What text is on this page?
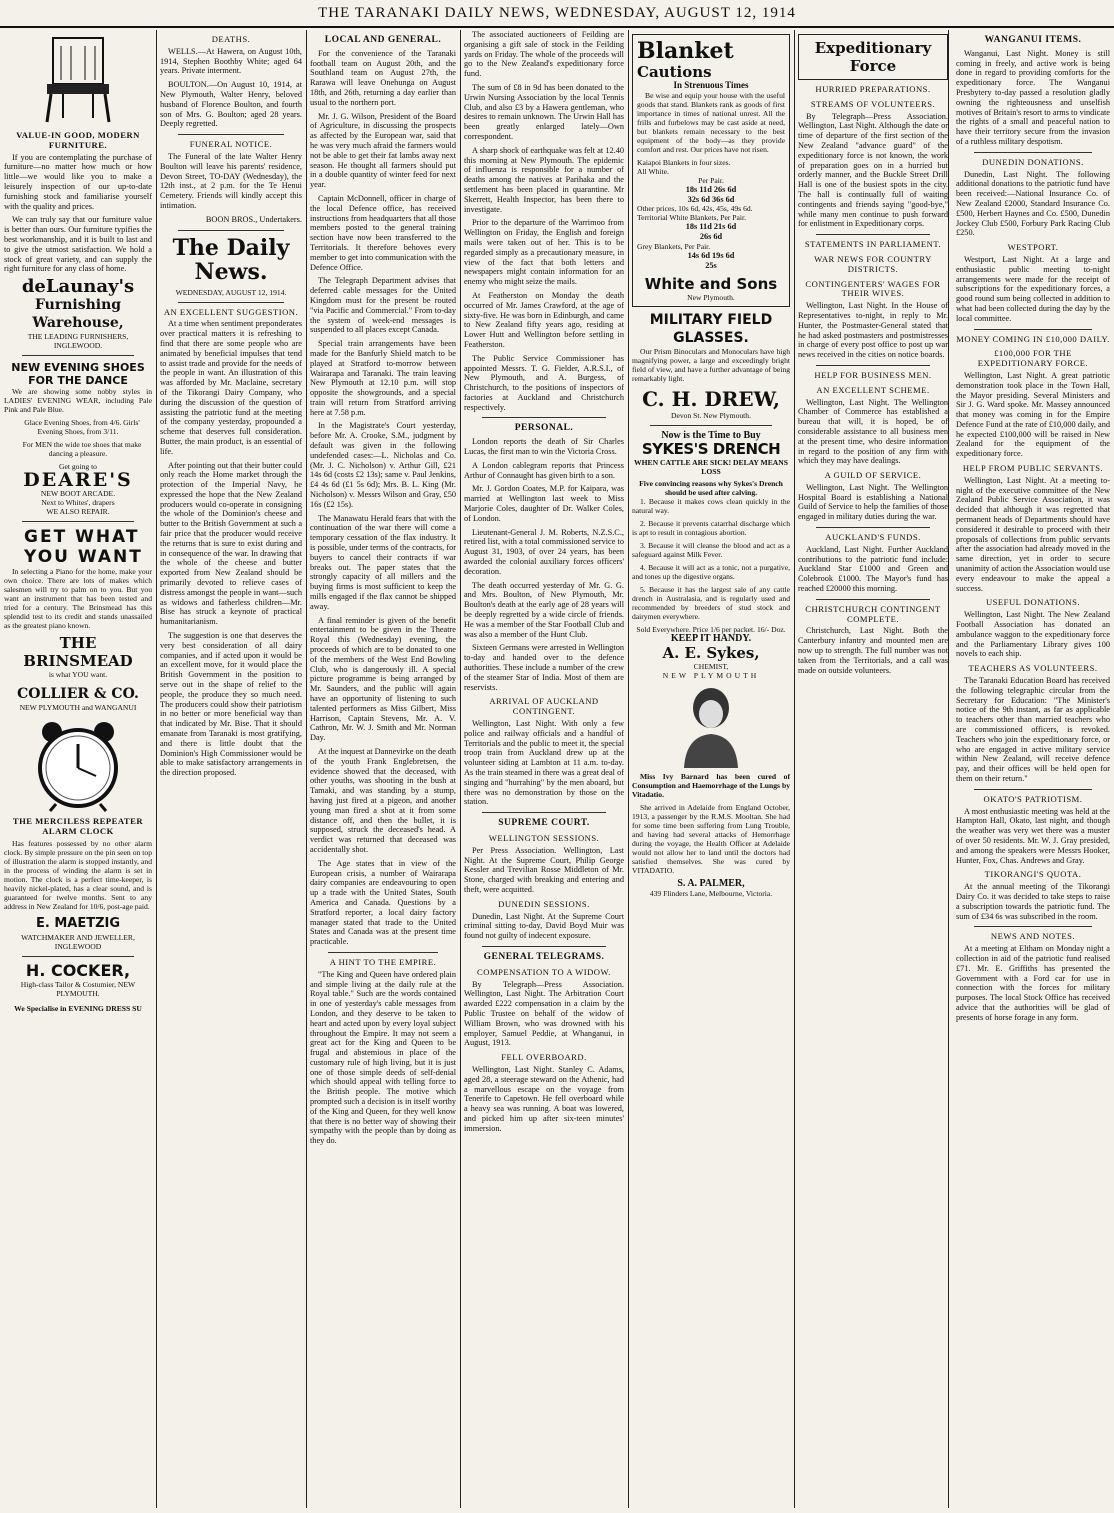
THE TARANAKI DAILY NEWS, WEDNESDAY, AUGUST 12, 1914
VALUE-IN GOOD, MODERN FURNITURE.

If you are contemplating the purchase of furniture—no matter how much or how little—we would like you to make a leisurely inspection of our up-to-date furnishing stock and familiarise yourself with the quality and prices.

We can truly say that our furniture value is better than ours. Our furniture typifies the best workmanship, and it is built to last and to give the utmost satisfaction. We hold a stock of great variety, and can supply the right furniture for any class of home.

deLaunay's
Furnishing Warehouse,
THE LEADING FURNISHERS, INGLEWOOD.
NEW EVENING SHOES FOR THE DANCE

We are showing some nobby styles in LADIES' EVENING WEAR, including Pale Pink and Pale Blue.

Glace Evening Shoes, from 4/6. Girls' Evening Shoes, from 3/11.

For MEN the wide toe shoes that make dancing a pleasure.

Get going to
DEARE'S
NEW BOOT ARCADE.
Next to Whites', drapers
WE ALSO REPAIR.
GET WHAT YOU WANT

In selecting a Piano for the home, make your own choice. There are lots of makes which salesmen will try to palm on to you. But you want an instrument that has been tested and tried for a century. The Brinsmead has this splendid test to its credit and stands unassailed as the greatest piano known.

THE BRINSMEAD
is what YOU want.
COLLIER & CO.
NEW PLYMOUTH and WANGANUI
THE MERCILESS REPEATER ALARM CLOCK

Has features possessed by no other alarm clock. By simple pressure on the pin seen on top of illustration the alarm is stopped instantly, and in the process of winding the alarm is set in motion. The clock is a perfect time-keeper, is heavily nickel-plated, has a clear sound, and is guaranteed for twelve months. Sent to any address in New Zealand for 10/6, post-age paid.

E. MAETZIG
WATCHMAKER AND JEWELLER, INGLEWOOD
H. COCKER,
High-class Tailor & Costumier, NEW PLYMOUTH.
We Specialise in EVENING DRESS SU
DEATHS.

WELLS.—At Hawera, on August 10th, 1914, Stephen Boothby White; aged 64 years. Private interment.

BOULTON.—On August 10, 1914, at New Plymouth, Walter Henry, beloved husband of Florence Boulton, and fourth son of Mrs. G. Boulton; aged 28 years. Deeply regretted.

FUNERAL NOTICE.

The Funeral of the late Walter Henry Boulton will leave his parents' residence, Devon Street, TO-DAY (Wednesday), the 12th inst., at 2 p.m. for the Te Henui Cemetery. Friends will kindly accept this intimation.

BOON BROS., Undertakers.

The Daily News.
WEDNESDAY, AUGUST 12, 1914.
AN EXCELLENT SUGGESTION.

At a time when sentiment preponderates over practical matters it is refreshing to find that there are some people who are animated by beneficial impulses that tend to assist trade and provide for the needs of the people in want. An illustration of this was afforded by Mr. Maclaine, secretary of the Tikorangi Dairy Company, who during the discussion of the question of assisting the patriotic fund at the meeting of the company yesterday, propounded a scheme that deserves full consideration. Butter, the main product, is an essential of life.

After pointing out that their butter could only reach the Home market through the protection of the Imperial Navy, he expressed the hope that the New Zealand producers would co-operate in consigning the whole of the Dominion's cheese and butter to the British Government at such a fair price that the producer would receive the returns that is sure to exist during and in consequence of the war. In drawing that the whole of the cheese and butter exported from New Zealand should be primarily devoted to relieve cases of distress amongst the people in want—such as widows and fatherless children—Mr. Bise has struck a keynote of practical humanitarianism.

The suggestion is one that deserves the very best consideration of all dairy companies, and if acted upon it would be an excellent move, for it would place the British Government in the position to serve out in the shape of relief to the people, the produce they so much need. The producers could show their patriotism in no better or more beneficial way than that indicated by Mr. Bise. That it should emanate from Taranaki is most gratifying, and there is little doubt that the Dominion's High Commissioner would be able to make satisfactory arrangements in the direction proposed.

LOCAL AND GENERAL.

For the convenience of the Taranaki football team on August 20th, and the Southland team on August 27th, the Rarawa will leave Onehunga on August 18th, and 26th, returning a day earlier than usual to the northern port.

Mr. J. G. Wilson, President of the Board of Agriculture, in discussing the prospects as affected by the European war, said that he was very much afraid the farmers would not be able to get their fat lambs away next season. He thought all farmers should put in a double quantity of winter feed for next year.

Captain McDonnell, officer in charge of the local Defence office, has received instructions from headquarters that all those members posted to the general training section have now been transferred to the Territorials. It therefore behoves every member to get into communication with the Defence Office.

The Telegraph Department advises that deferred cable messages for the United Kingdom must for the present be routed "via Pacific and Commercial." From to-day the system of week-end messages is suspended to all places except Canada.

Special train arrangements have been made for the Banfurly Shield match to be played at Stratford to-morrow between Wairarapa and Taranaki. The train leaving New Plymouth at 12.10 p.m. will stop opposite the showgrounds, and a special train will return from Stratford arriving here at 7.58 p.m.

In the Magistrate's Court yesterday, before Mr. A. Crooke, S.M., judgment by default was given in the following undefended cases:—L. Nicholas and Co. (Mr. J. C. Nicholson) v. Arthur Gill, £21 14s 6d (costs £2 13s); same v. Paul Jenkins, £4 4s 6d (£1 5s 6d); Mrs. B. L. King (Mr. Nicholson) v. Messrs Wilson and Gray, £50 16s (£2 15s).

The Manawatu Herald fears that with the continuation of the war there will come a temporary cessation of the flax industry. It is possible, under terms of the contracts, for buyers to cancel their contracts if war breaks out. The paper states that the strongly capacity of all millers and the buying firms is most sufficient to keep the mills engaged if the flax cannot be shipped away.

A final reminder is given of the benefit entertainment to be given in the Theatre Royal this (Wednesday) evening, the proceeds of which are to be donated to one of the members of the West End Bowling Club, who is dangerously ill. A special picture programme is being arranged by Mr. Saunders, and the public will again have an opportunity of listening to such talented performers as Miss Gilbert, Miss Harrison, Captain Stevens, Mr. A. V. Cathron, Mr. W. J. Smith and Mr. Norman Day.

At the inquest at Dannevirke on the death of the youth Frank Englebretsen, the evidence showed that the deceased, with other youths, was shooting in the bush at Tamaki, and was standing by a stump, having just fired at a pigeon, and another young man fired a shot at it from some distance off, and then the bullet, it is supposed, struck the deceased's head. A verdict was returned that deceased was accidentally shot.

The Age states that in view of the European crisis, a number of Wairarapa dairy companies are endeavouring to open up a trade with the United States, South America and Canada. Questions by a Stratford reporter, a local dairy factory manager stated that trade to the United States and Canada was at the present time practicable.

A HINT TO THE EMPIRE.

"The King and Queen have ordered plain and simple living at the daily rule at the Royal table." Such are the words contained in one of yesterday's cable messages from London, and they deserve to be taken to heart and acted upon by every loyal subject throughout the Empire. It may not seem a great act for the King and Queen to be frugal and abstemious in place of the customary rule of high living, but it is just one of those simple deeds of self-denial which should appeal with telling force to the British people. The motive which prompted such a decision is in itself worthy of the King and Queen, for they well know that there is no better way of showing their sympathy with the people than by doing as they do.

The associated auctioneers of Feilding are organising a gift sale of stock in the Feilding yards on Friday. The whole of the proceeds will go to the New Zealand's expeditionary force fund.

The sum of £8 in 9d has been donated to the Urwin Nursing Association by the local Tennis Club, and also £3 by a Hawera gentleman, who desires to remain unknown. The Urwin Hall has been greatly enlarged lately—Own correspondent.

A sharp shock of earthquake was felt at 12.40 this morning at New Plymouth. The epidemic of influenza is responsible for a number of deaths among the natives at Parihaka and the settlement has been placed in quarantine. Mr Skerrett, Health Inspector, has been there to investigate.

Prior to the departure of the Warrimoo from Wellington on Friday, the English and foreign mails were taken out of her. This is to be regarded simply as a precautionary measure, in view of the fact that both letters and newspapers might contain information for an enemy who might seize the mails.

At Featherston on Monday the death occurred of Mr. James Crawford, at the age of sixty-five. He was born in Edinburgh, and came to New Zealand fifty years ago, residing at Lower Hutt and Wellington before settling in Featherston.

The Public Service Commissioner has appointed Messrs. T. G. Fielder, A.R.S.I., of New Plymouth, and A. Burgess, of Christchurch, to the positions of inspectors of factories at Auckland and Christchurch respectively.

PERSONAL.

London reports the death of Sir Charles Lucas, the first man to win the Victoria Cross.

A London cablegram reports that Princess Arthur of Connaught has given birth to a son.

Mr. J. Gordon Coates, M.P. for Kaipara, was married at Wellington last week to Miss Marjorie Coles, daughter of Dr. Walker Coles, of London.

Lieutenant-General J. M. Roberts, N.Z.S.C., retired list, with a total commissioned service to August 31, 1903, of over 24 years, has been awarded the colonial auxiliary forces officers' decoration.

The death occurred yesterday of Mr. G. G. and Mrs. Boulton, of New Plymouth, Mr. Boulton's death at the early age of 28 years will be deeply regretted by a wide circle of friends. He was a member of the Star Football Club and was also a member of the Hunt Club.

Sixteen Germans were arrested in Wellington to-day and handed over to the defence authorities. These include a number of the crew of the steamer Star of India. Most of them are reservists.

ARRIVAL OF AUCKLAND CONTINGENT.

Wellington, Last Night. With only a few police and railway officials and a handful of Territorials and the public to meet it, the special troop train from Auckland drew up at the volunteer siding at Lambton at 11 a.m. to-day. As the train steamed in there was a great deal of singing and "hurrahing" by the men aboard, but there was no demonstration by those on the station.

SUPREME COURT.
WELLINGTON SESSIONS.

Per Press Association. Wellington, Last Night. At the Supreme Court, Philip George Kessler and Trevilian Rosse Middleton of Mr. Stone, charged with breaking and entering and theft, were acquitted.

DUNEDIN SESSIONS.

Dunedin, Last Night. At the Supreme Court criminal sitting to-day, David Boyd Muir was found not guilty of indecent exposure.

GENERAL TELEGRAMS.
COMPENSATION TO A WIDOW.

By Telegraph—Press Association. Wellington, Last Night. The Arbitration Court awarded £222 compensation in a claim by the Public Trustee on behalf of the widow of William Brown, who was drowned with his employer, Samuel Peddie, at Whanganui, in August, 1913.

FELL OVERBOARD.

Wellington, Last Night. Stanley C. Adams, aged 28, a steerage steward on the Athenic, had a marvellous escape on the voyage from Tenerife to Capetown. He fell overboard while a heavy sea was running. A boat was lowered, and picked him up after six-teen minutes' immersion.

Blanket
Cautions
In Strenuous Times

Be wise and equip your house with the useful goods that stand. Blankets rank as goods of first importance in times of national unrest. All the frills and furbelows may be cast aside at need, but blankets remain necessary to the best equipment of the body—as they provide comfort and rest. Our prices have not risen.

Kaiapoi Blankets in four sizes.
All White.
Per Pair.
18s 11d 26s 6d
32s 6d 36s 6d
Other prices, 10s 6d, 42s, 45s, 49s 6d.
Territorial White Blankets, Per Pair.
18s 11d 21s 6d
26s 6d
Grey Blankets, Per Pair.
14s 6d 19s 6d
25s
White and Sons
New Plymouth.
MILITARY FIELD GLASSES.

Our Prism Binoculars and Monoculars have high magnifying power, a large and exceedingly bright field of view, and have a further advantage of being remarkably light.

C. H. DREW,
Devon St. New Plymouth.
Now is the Time to Buy
SYKES'S DRENCH
WHEN CATTLE ARE SICK! DELAY MEANS LOSS
Five convincing reasons why Sykes's Drench should be used after calving.

1. Because it makes cows clean quickly in the natural way.

2. Because it prevents catarrhal discharge which is apt to result in contagious abortion.

3. Because it will cleanse the blood and act as a safeguard against Milk Fever.

4. Because it will act as a tonic, not a purgative, and tones up the digestive organs.

5. Because it has the largest sale of any cattle drench in Australasia, and is regularly used and recommended by breeders of stud stock and dairymen everywhere.

Sold Everywhere. Price 1/6 per packet. 16/- Doz.
KEEP IT HANDY.
A. E. Sykes,
CHEMIST,
NEW PLYMOUTH

Miss Ivy Barnard has been cured of Consumption and Haemorrhage of the Lungs by Vitadatio.

She arrived in Adelaide from England October, 1913, a passenger by the R.M.S. Mooltan. She had for some time been suffering from Lung Trouble, and having had several attacks of Hemorrhage during the voyage, the Health Officer at Adelaide would not allow her to land until the doctors had satisfied themselves. She was cured by VITADATIO.

S. A. PALMER,
439 Flinders Lane, Melbourne, Victoria.
WANGANUI ITEMS.

Wanganui, Last Night. Money is still coming in freely, and active work is being done in regard to providing comforts for the expeditionary force. The Wanganui Presbytery to-day passed a resolution gladly owning the righteousness and unselfish motives of Britain's resort to arms to vindicate the rights of a small and peaceful nation to have their territory secure from the invasion of a ruthless military despotism.

DUNEDIN DONATIONS.

Dunedin, Last Night. The following additional donations to the patriotic fund have been received:—National Insurance Co. of New Zealand £2000, Standard Insurance Co. £500, Herbert Haynes and Co. £500, Dunedin Jockey Club £500, Forbury Park Racing Club £250.

WESTPORT.

Westport, Last Night. At a large and enthusiastic public meeting to-night arrangements were made for the receipt of subscriptions for the expeditionary forces, a good round sum being collected in addition to what had been collected during the day by the local committee.

MONEY COMING IN £10,000 DAILY.
£100,000 FOR THE EXPEDITIONARY FORCE.

Wellington, Last Night. A great patriotic demonstration took place in the Town Hall, the Mayor presiding. Several Ministers and Sir J. G. Ward spoke. Mr. Massey announced that money was coming in for the Empire Defence Fund at the rate of £10,000 daily, and he expected £100,000 will be raised in New Zealand for the equipment of the expeditionary force.

HELP FROM PUBLIC SERVANTS.

Wellington, Last Night. At a meeting to-night of the executive committee of the New Zealand Public Service Association, it was decided that although it was regretted that permanent heads of Departments should have considered it desirable to proceed with their proposals of collections from public servants after the association had already moved in the same direction, yet in order to secure unanimity of action the Association would use every endeavour to make the appeal a success.

USEFUL DONATIONS.

Wellington, Last Night. The New Zealand Football Association has donated an ambulance waggon to the expeditionary force and the Parliamentary Library gives 100 novels to each ship.

TEACHERS AS VOLUNTEERS.

The Taranaki Education Board has received the following telegraphic circular from the Secretary for Education: "The Minister's notice of the 9th instant, as far as applicable to teachers other than married teachers who are commissioned officers, is revoked. Teachers who join the expeditionary force, or who are engaged in active military service within New Zealand, will receive defence pay, and their offices will be held open for them on their return."

OKATO'S PATRIOTISM.

A most enthusiastic meeting was held at the Hampton Hall, Okato, last night, and though the weather was very wet there was a muster of over 50 residents. Mr. W. J. Gray presided, and among the speakers were Messrs Hooker, Hunter, Fox, Chas. Andrews and Gray.

TIKORANGI'S QUOTA.

At the annual meeting of the Tikorangi Dairy Co. it was decided to take steps to raise a subscription towards the patriotic fund. The sum of £34 6s was subscribed in the room.

NEWS AND NOTES.

At a meeting at Eltham on Monday night a collection in aid of the patriotic fund realised £71. Mr. E. Griffiths has presented the Government with a Ford car for use in connection with the forces for military purposes. The local Stock Office has received advice that the authorities will be glad of presents of horse forage in any form.

Expeditionary Force
HURRIED PREPARATIONS.
STREAMS OF VOLUNTEERS.

By Telegraph—Press Association. Wellington, Last Night. Although the date or time of departure of the first section of the New Zealand "advance guard" of the expeditionary force is not known, the work of preparation goes on in a hurried but orderly manner, and the Buckle Street Drill Hall is one of the busiest spots in the city. The hall is continually full of waiting contingents and friends saying "good-bye," while many men continue to push forward for enlistment in Expeditionary corps.

STATEMENTS IN PARLIAMENT.
WAR NEWS FOR COUNTRY DISTRICTS.
CONTINGENTERS' WAGES FOR THEIR WIVES.

Wellington, Last Night. In the House of Representatives to-night, in reply to Mr. Hunter, the Postmaster-General stated that he had asked postmasters and postmistresses in charge of every post office to post up war news received in the cities on notice boards.

HELP FOR BUSINESS MEN.
AN EXCELLENT SCHEME.

Wellington, Last Night. The Wellington Chamber of Commerce has established a bureau that will, it is hoped, be of considerable assistance to all business men at the present time, who desire information in regard to the position of any firm with which they may have dealings.

A GUILD OF SERVICE.

Wellington, Last Night. The Wellington Hospital Board is establishing a National Guild of Service to help the families of those engaged in military duties during the war.

AUCKLAND'S FUNDS.

Auckland, Last Night. Further Auckland contributions to the patriotic fund include: Auckland Star £1000 and Green and Colebrook £1000. The Mayor's fund has reached £20000 this morning.

CHRISTCHURCH CONTINGENT COMPLETE.

Christchurch, Last Night. Both the Canterbury infantry and mounted men are now up to strength. The full number was not taken from the Territorials, and a call was made on outside volunteers.
